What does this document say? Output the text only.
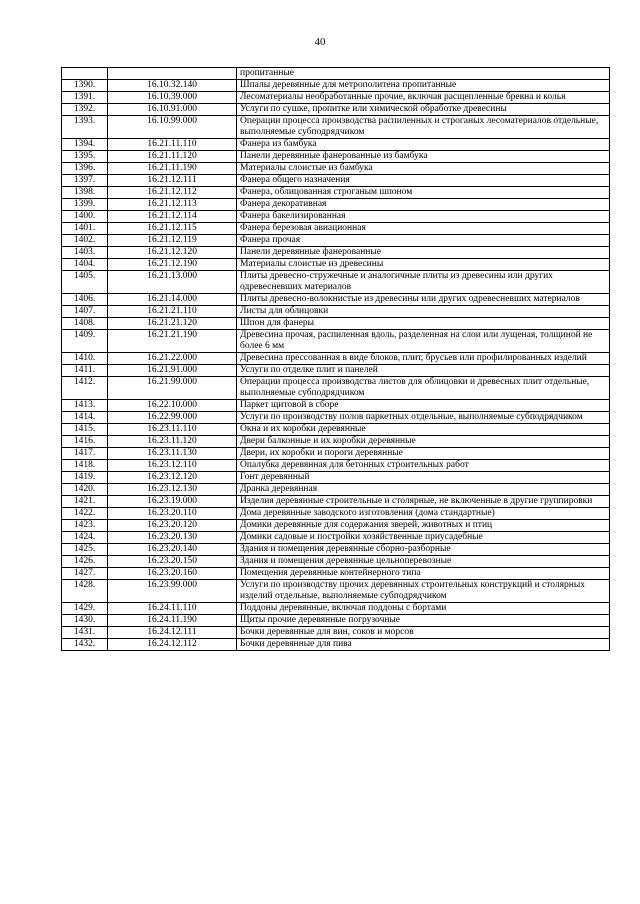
40
		пропитанные
1390.	16.10.32.140	Шпалы деревянные для метрополитена пропитанные
1391.	16.10.39.000	Лесоматериалы необработанные прочие, включая расщепленные бревна и колья
1392.	16.10.91.000	Услуги по сушке, пропитке или химической обработке древесины
1393.	16.10.99.000	Операции процесса производства распиленных и строганых лесоматериалов отдельные, выполняемые субподрядчиком
1394.	16.21.11.110	Фанера из бамбука
1395.	16.21.11.120	Панели деревянные фанерованные из бамбука
1396.	16.21.11.190	Материалы слоистые из бамбука
1397.	16.21.12.111	Фанера общего назначения
1398.	16.21.12.112	Фанера, облицованная строганым шпоном
1399.	16.21.12.113	Фанера декоративная
1400.	16.21.12.114	Фанера бакелизированная
1401.	16.21.12.115	Фанера березовая авиационная
1402.	16.21.12.119	Фанера прочая
1403.	16.21.12.120	Панели деревянные фанерованные
1404.	16.21.12.190	Материалы слоистые из древесины
1405.	16.21.13.000	Плиты древесно-стружечные и аналогичные плиты из древесины или других одревесневших материалов
1406.	16.21.14.000	Плиты древесно-волокнистые из древесины или других одревесневших материалов
1407.	16.21.21.110	Листы для облицовки
1408.	16.21.21.120	Шпон для фанеры
1409.	16.21.21.190	Древесина прочая, распиленная вдоль, разделенная на слои или лущеная, толщиной не более 6 мм
1410.	16.21.22.000	Древесина прессованная в виде блоков, плит, брусьев или профилированных изделий
1411.	16.21.91.000	Услуги по отделке плит и панелей
1412.	16.21.99.000	Операции процесса производства листов для облицовки и древесных плит отдельные, выполняемые субподрядчиком
1413.	16.22.10.000	Паркет щитовой в сборе
1414.	16.22.99.000	Услуги по производству полов паркетных отдельные, выполняемые субподрядчиком
1415.	16.23.11.110	Окна и их коробки деревянные
1416.	16.23.11.120	Двери балконные и их коробки деревянные
1417.	16.23.11.130	Двери, их коробки и пороги деревянные
1418.	16.23.12.110	Опалубка деревянная для бетонных строительных работ
1419.	16.23.12.120	Гонт деревянный
1420.	16.23.12.130	Дранка деревянная
1421.	16.23.19.000	Изделия деревянные строительные и столярные, не включенные в другие группировки
1422.	16.23.20.110	Дома деревянные заводского изготовления (дома стандартные)
1423.	16.23.20.120	Домики деревянные для содержания зверей, животных и птиц
1424.	16.23.20.130	Домики садовые и постройки хозяйственные приусадебные
1425.	16.23.20.140	Здания и помещения деревянные сборно-разборные
1426.	16.23.20.150	Здания и помещения деревянные цельноперевозные
1427.	16.23.20.160	Помещения деревянные контейнерного типа
1428.	16.23.99.000	Услуги по производству прочих деревянных строительных конструкций и столярных изделий отдельные, выполняемые субподрядчиком
1429.	16.24.11.110	Поддоны деревянные, включая поддоны с бортами
1430.	16.24.11.190	Щиты прочие деревянные погрузочные
1431.	16.24.12.111	Бочки деревянные для вин, соков и морсов
1432.	16.24.12.112	Бочки деревянные для пива
